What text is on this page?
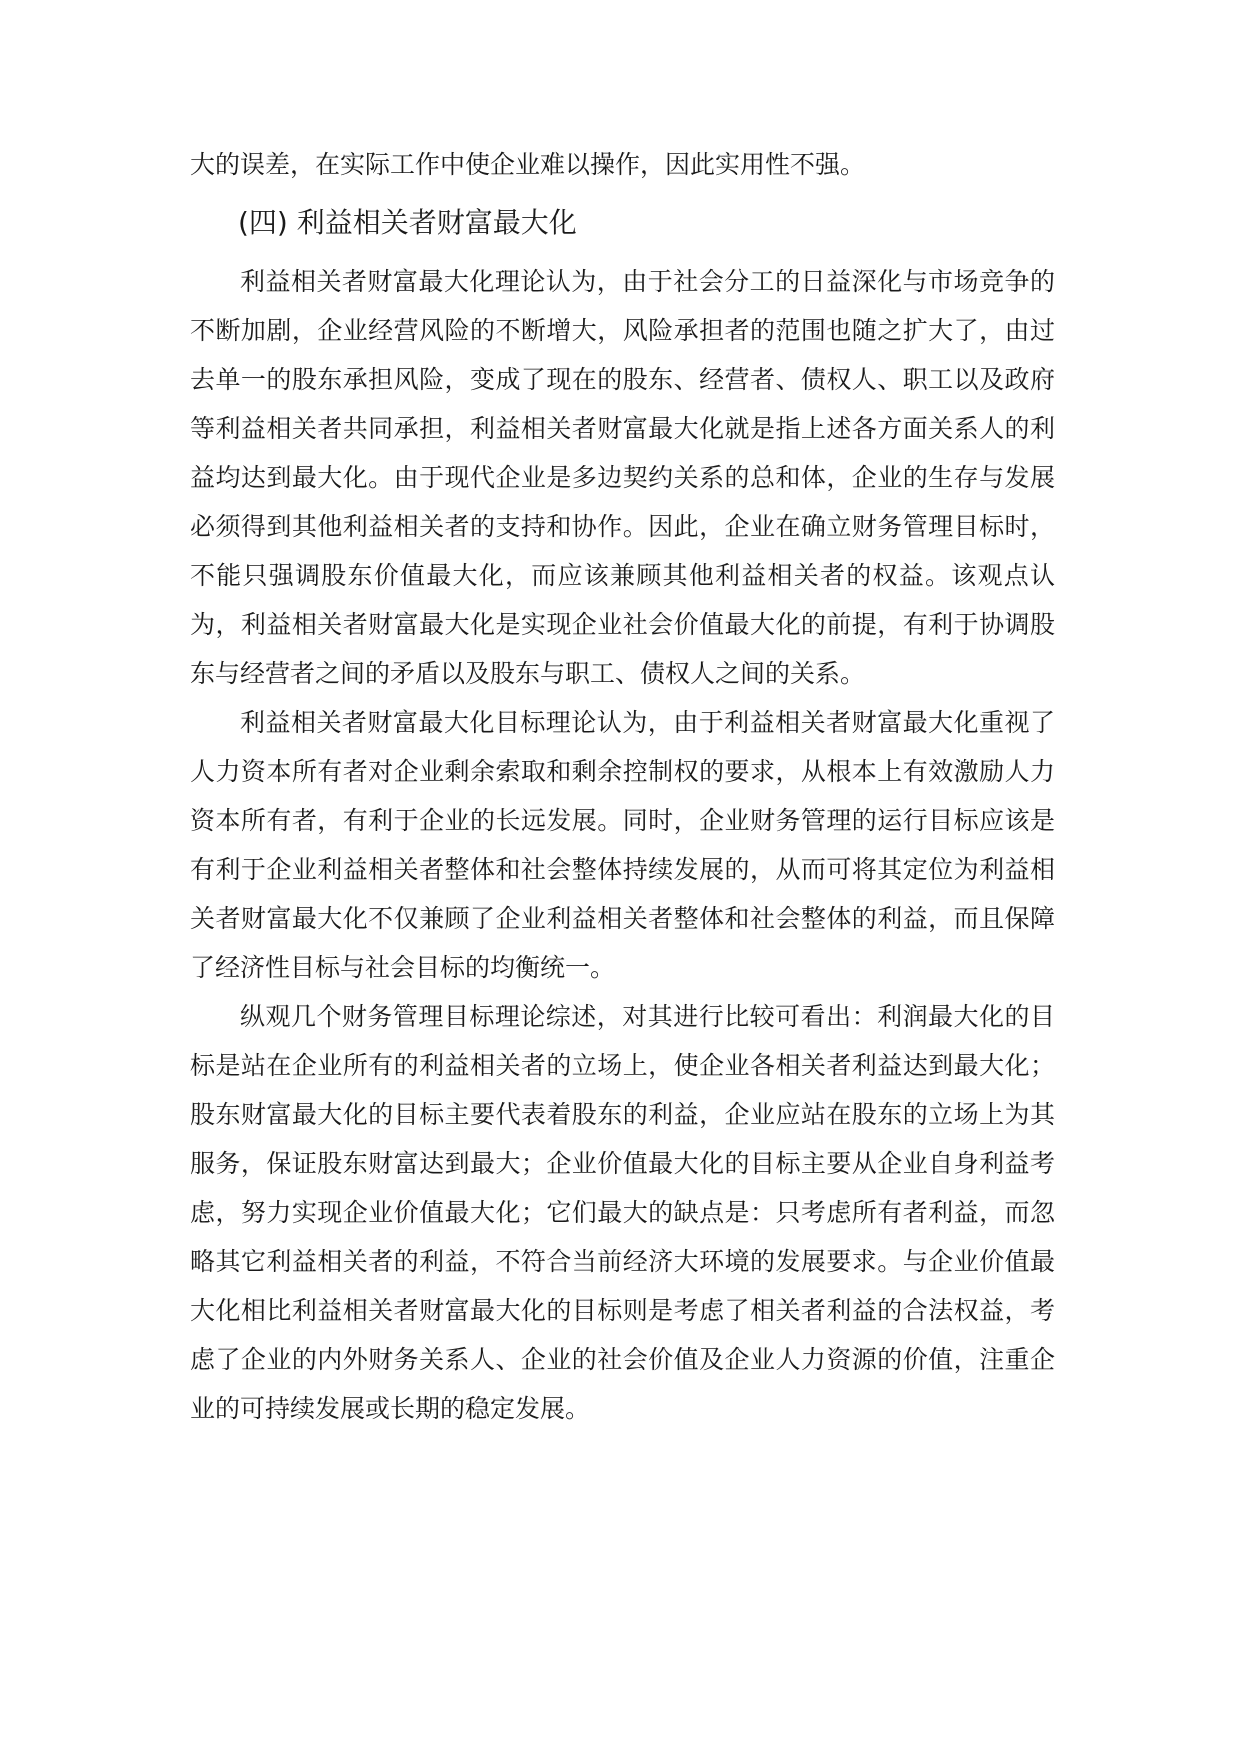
大的误差，在实际工作中使企业难以操作，因此实用性不强。

(四) 利益相关者财富最大化

利益相关者财富最大化理论认为，由于社会分工的日益深化与市场竞争的不断加剧，企业经营风险的不断增大，风险承担者的范围也随之扩大了，由过去单一的股东承担风险，变成了现在的股东、经营者、债权人、职工以及政府等利益相关者共同承担，利益相关者财富最大化就是指上述各方面关系人的利益均达到最大化。由于现代企业是多边契约关系的总和体，企业的生存与发展必须得到其他利益相关者的支持和协作。因此，企业在确立财务管理目标时，不能只强调股东价值最大化，而应该兼顾其他利益相关者的权益。该观点认为，利益相关者财富最大化是实现企业社会价值最大化的前提，有利于协调股东与经营者之间的矛盾以及股东与职工、债权人之间的关系。

利益相关者财富最大化目标理论认为，由于利益相关者财富最大化重视了人力资本所有者对企业剩余索取和剩余控制权的要求，从根本上有效激励人力资本所有者，有利于企业的长远发展。同时，企业财务管理的运行目标应该是有利于企业利益相关者整体和社会整体持续发展的，从而可将其定位为利益相关者财富最大化不仅兼顾了企业利益相关者整体和社会整体的利益，而且保障了经济性目标与社会目标的均衡统一。

纵观几个财务管理目标理论综述，对其进行比较可看出：利润最大化的目标是站在企业所有的利益相关者的立场上，使企业各相关者利益达到最大化；股东财富最大化的目标主要代表着股东的利益，企业应站在股东的立场上为其服务，保证股东财富达到最大；企业价值最大化的目标主要从企业自身利益考虑，努力实现企业价值最大化；它们最大的缺点是：只考虑所有者利益，而忽略其它利益相关者的利益，不符合当前经济大环境的发展要求。与企业价值最大化相比利益相关者财富最大化的目标则是考虑了相关者利益的合法权益，考虑了企业的内外财务关系人、企业的社会价值及企业人力资源的价值，注重企业的可持续发展或长期的稳定发展。
